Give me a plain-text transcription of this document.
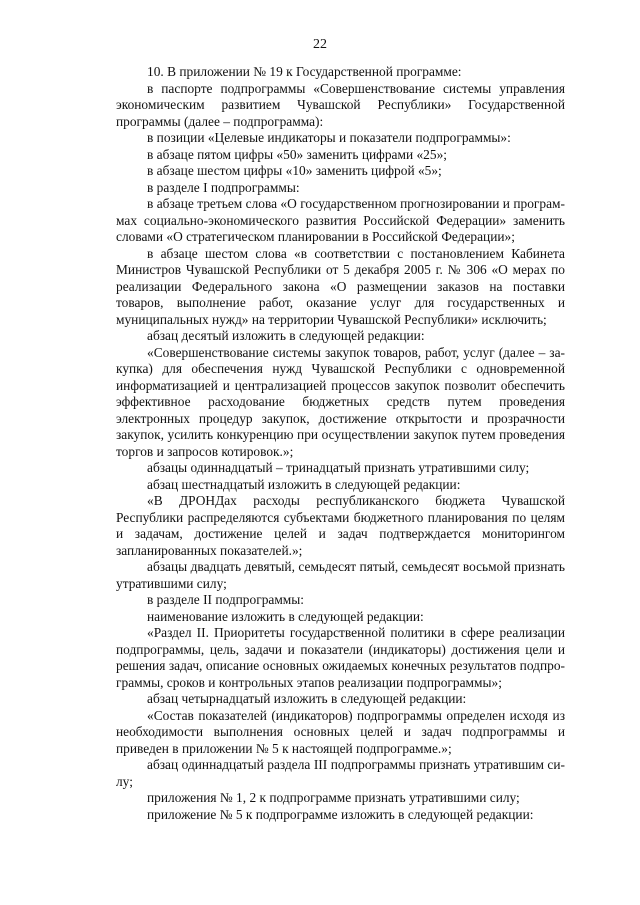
22

10. В приложении № 19 к Государственной программе:

в паспорте подпрограммы «Совершенствование системы управления экономическим развитием Чувашской Республики» Государственной программы (далее – подпрограмма):

в позиции «Целевые индикаторы и показатели подпрограммы»:

в абзаце пятом цифры «50» заменить цифрами «25»;

в абзаце шестом цифры «10» заменить цифрой «5»;

в разделе I подпрограммы:

в абзаце третьем слова «О государственном прогнозировании и программах социально-экономического развития Российской Федерации» заменить словами «О стратегическом планировании в Российской Федерации»;

в абзаце шестом слова «в соответствии с постановлением Кабинета Министров Чувашской Республики от 5 декабря 2005 г. № 306 «О мерах по реализации Федерального закона «О размещении заказов на поставки товаров, выполнение работ, оказание услуг для государственных и муниципальных нужд» на территории Чувашской Республики» исключить;

абзац десятый изложить в следующей редакции:

«Совершенствование системы закупок товаров, работ, услуг (далее – закупка) для обеспечения нужд Чувашской Республики с одновременной информатизацией и централизацией процессов закупок позволит обеспечить эффективное расходование бюджетных средств путем проведения электронных процедур закупок, достижение открытости и прозрачности закупок, усилить конкуренцию при осуществлении закупок путем проведения торгов и запросов котировок.»;

абзацы одиннадцатый – тринадцатый признать утратившими силу;

абзац шестнадцатый изложить в следующей редакции:

«В ДРОНДах расходы республиканского бюджета Чувашской Республики распределяются субъектами бюджетного планирования по целям и задачам, достижение целей и задач подтверждается мониторингом запланированных показателей.»;

абзацы двадцать девятый, семьдесят пятый, семьдесят восьмой признать утратившими силу;

в разделе II подпрограммы:

наименование изложить в следующей редакции:

«Раздел II. Приоритеты государственной политики в сфере реализации подпрограммы, цель, задачи и показатели (индикаторы) достижения цели и решения задач, описание основных ожидаемых конечных результатов подпрограммы, сроков и контрольных этапов реализации подпрограммы»;

абзац четырнадцатый изложить в следующей редакции:

«Состав показателей (индикаторов) подпрограммы определен исходя из необходимости выполнения основных целей и задач подпрограммы и приведен в приложении № 5 к настоящей подпрограмме.»;

абзац одиннадцатый раздела III подпрограммы признать утратившим силу;

приложения № 1, 2 к подпрограмме признать утратившими силу;

приложение № 5 к подпрограмме изложить в следующей редакции:
